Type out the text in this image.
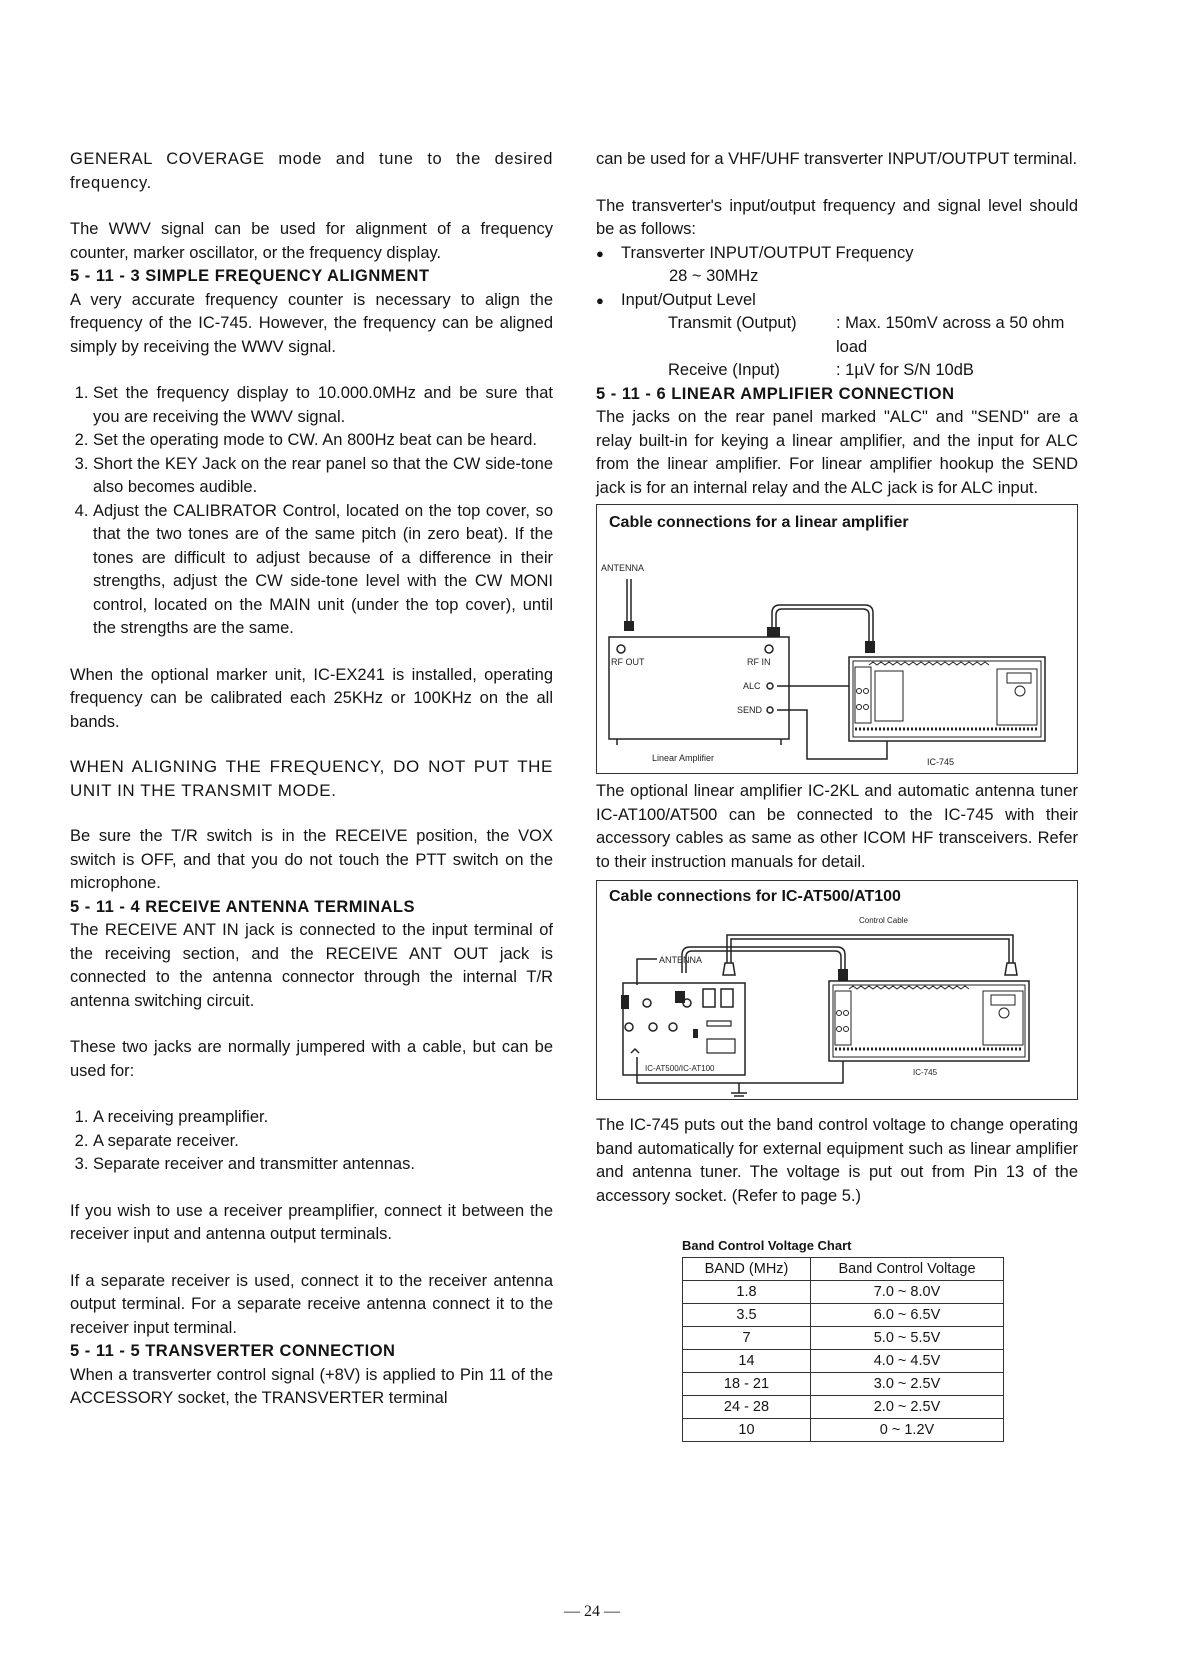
GENERAL COVERAGE mode and tune to the desired frequency.

The WWV signal can be used for alignment of a frequency counter, marker oscillator, or the frequency display.

5 - 11 - 3 SIMPLE FREQUENCY ALIGNMENT

A very accurate frequency counter is necessary to align the frequency of the IC-745. However, the frequency can be aligned simply by receiving the WWV signal.

1. Set the frequency display to 10.000.0MHz and be sure that you are receiving the WWV signal.
2. Set the operating mode to CW. An 800Hz beat can be heard.
3. Short the KEY Jack on the rear panel so that the CW side-tone also becomes audible.
4. Adjust the CALIBRATOR Control, located on the top cover, so that the two tones are of the same pitch (in zero beat). If the tones are difficult to adjust because of a difference in their strengths, adjust the CW side-tone level with the CW MONI control, located on the MAIN unit (under the top cover), until the strengths are the same.

When the optional marker unit, IC-EX241 is installed, operating frequency can be calibrated each 25KHz or 100KHz on the all bands.

WHEN ALIGNING THE FREQUENCY, DO NOT PUT THE UNIT IN THE TRANSMIT MODE.

Be sure the T/R switch is in the RECEIVE position, the VOX switch is OFF, and that you do not touch the PTT switch on the microphone.

5 - 11 - 4 RECEIVE ANTENNA TERMINALS

The RECEIVE ANT IN jack is connected to the input terminal of the receiving section, and the RECEIVE ANT OUT jack is connected to the antenna connector through the internal T/R antenna switching circuit.

These two jacks are normally jumpered with a cable, but can be used for:

1. A receiving preamplifier.
2. A separate receiver.
3. Separate receiver and transmitter antennas.

If you wish to use a receiver preamplifier, connect it between the receiver input and antenna output terminals.

If a separate receiver is used, connect it to the receiver antenna output terminal. For a separate receive antenna connect it to the receiver input terminal.

5 - 11 - 5 TRANSVERTER CONNECTION

When a transverter control signal (+8V) is applied to Pin 11 of the ACCESSORY socket, the TRANSVERTER terminal

can be used for a VHF/UHF transverter INPUT/OUTPUT terminal.

The transverter's input/output frequency and signal level should be as follows:

● Transverter INPUT/OUTPUT Frequency
28 ~ 30MHz
● Input/Output Level
Transmit (Output)	: Max. 150mV across a 50 ohm load
Receive (Input)	: 1µV for S/N 10dB

5 - 11 - 6 LINEAR AMPLIFIER CONNECTION

The jacks on the rear panel marked "ALC" and "SEND" are a relay built-in for keying a linear amplifier, and the input for ALC from the linear amplifier. For linear amplifier hookup the SEND jack is for an internal relay and the ALC jack is for ALC input.

Cable connections for a linear amplifier
ANTENNA
RF OUT	RF IN
ALC
SEND
Linear Amplifier	IC-745

The optional linear amplifier IC-2KL and automatic antenna tuner IC-AT100/AT500 can be connected to the IC-745 with their accessory cables as same as other ICOM HF transceivers. Refer to their instruction manuals for detail.

Cable connections for IC-AT500/AT100
Control Cable
ANTENNA
IC-AT500/IC-AT100	IC-745

The IC-745 puts out the band control voltage to change operating band automatically for external equipment such as linear amplifier and antenna tuner. The voltage is put out from Pin 13 of the accessory socket. (Refer to page 5.)

Band Control Voltage Chart
BAND (MHz)	Band Control Voltage
1.8	7.0 ~ 8.0V
3.5	6.0 ~ 6.5V
7	5.0 ~ 5.5V
14	4.0 ~ 4.5V
18 - 21	3.0 ~ 2.5V
24 - 28	2.0 ~ 2.5V
10	0 ~ 1.2V
— 24 —
